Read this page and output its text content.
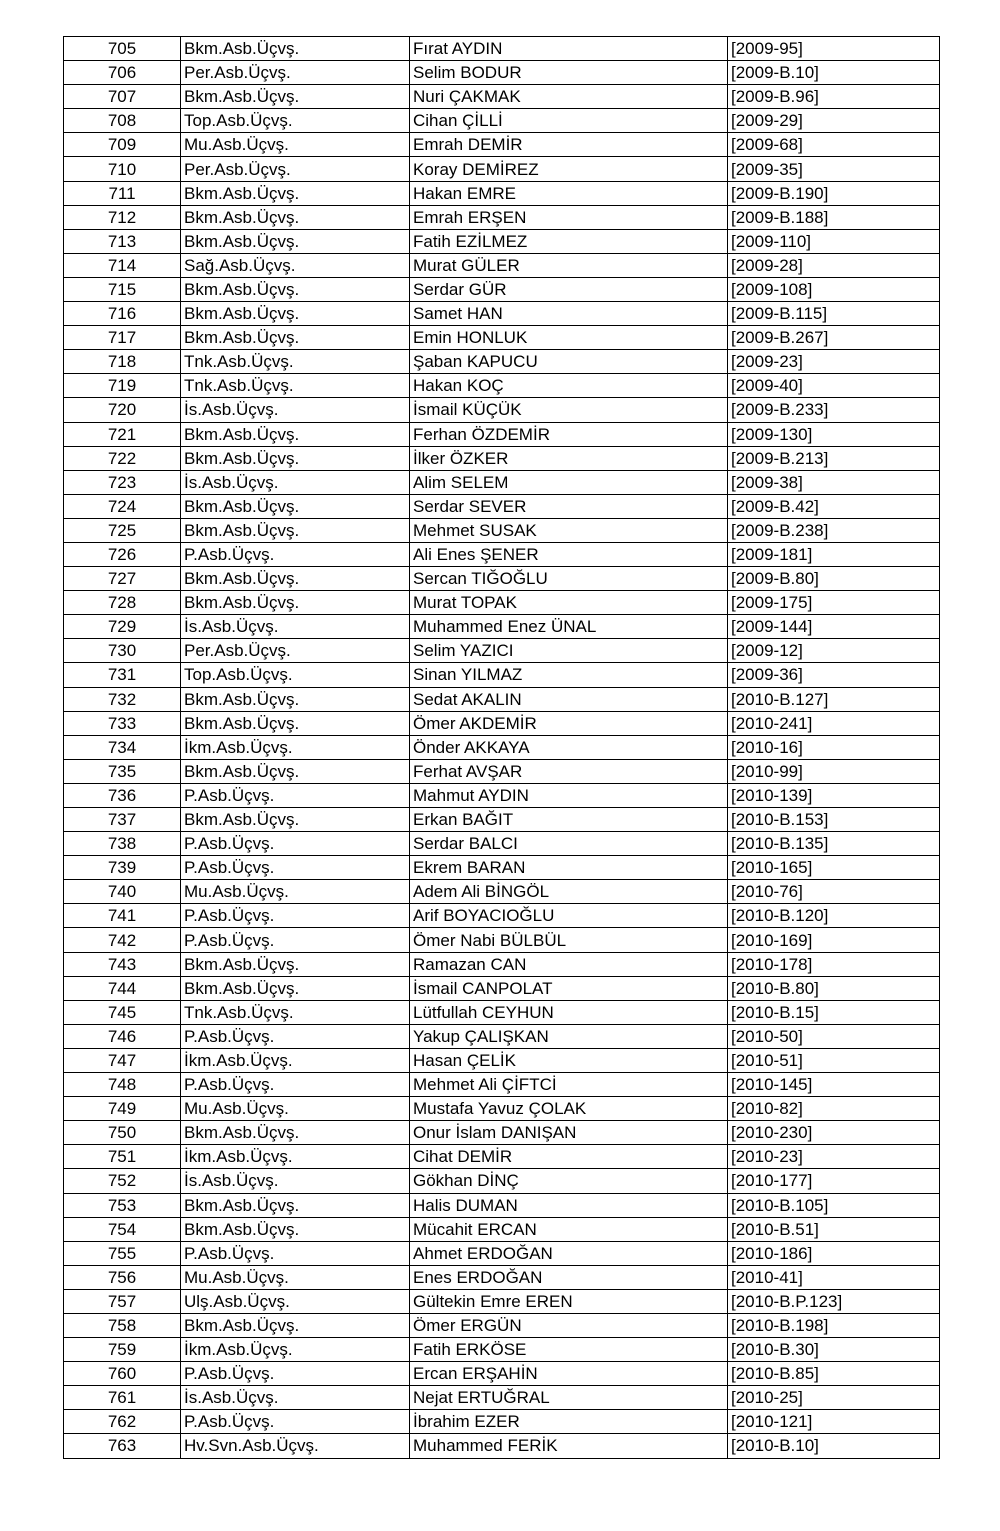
705	Bkm.Asb.Üçvş.	Fırat AYDIN	[2009-95]
706	Per.Asb.Üçvş.	Selim BODUR	[2009-B.10]
707	Bkm.Asb.Üçvş.	Nuri ÇAKMAK	[2009-B.96]
708	Top.Asb.Üçvş.	Cihan ÇİLLİ	[2009-29]
709	Mu.Asb.Üçvş.	Emrah DEMİR	[2009-68]
710	Per.Asb.Üçvş.	Koray DEMİREZ	[2009-35]
711	Bkm.Asb.Üçvş.	Hakan EMRE	[2009-B.190]
712	Bkm.Asb.Üçvş.	Emrah ERŞEN	[2009-B.188]
713	Bkm.Asb.Üçvş.	Fatih EZİLMEZ	[2009-110]
714	Sağ.Asb.Üçvş.	Murat GÜLER	[2009-28]
715	Bkm.Asb.Üçvş.	Serdar GÜR	[2009-108]
716	Bkm.Asb.Üçvş.	Samet HAN	[2009-B.115]
717	Bkm.Asb.Üçvş.	Emin HONLUK	[2009-B.267]
718	Tnk.Asb.Üçvş.	Şaban KAPUCU	[2009-23]
719	Tnk.Asb.Üçvş.	Hakan KOÇ	[2009-40]
720	İs.Asb.Üçvş.	İsmail KÜÇÜK	[2009-B.233]
721	Bkm.Asb.Üçvş.	Ferhan ÖZDEMİR	[2009-130]
722	Bkm.Asb.Üçvş.	İlker ÖZKER	[2009-B.213]
723	İs.Asb.Üçvş.	Alim SELEM	[2009-38]
724	Bkm.Asb.Üçvş.	Serdar SEVER	[2009-B.42]
725	Bkm.Asb.Üçvş.	Mehmet SUSAK	[2009-B.238]
726	P.Asb.Üçvş.	Ali Enes ŞENER	[2009-181]
727	Bkm.Asb.Üçvş.	Sercan TIĞOĞLU	[2009-B.80]
728	Bkm.Asb.Üçvş.	Murat TOPAK	[2009-175]
729	İs.Asb.Üçvş.	Muhammed Enez ÜNAL	[2009-144]
730	Per.Asb.Üçvş.	Selim YAZICI	[2009-12]
731	Top.Asb.Üçvş.	Sinan YILMAZ	[2009-36]
732	Bkm.Asb.Üçvş.	Sedat AKALIN	[2010-B.127]
733	Bkm.Asb.Üçvş.	Ömer AKDEMİR	[2010-241]
734	İkm.Asb.Üçvş.	Önder AKKAYA	[2010-16]
735	Bkm.Asb.Üçvş.	Ferhat AVŞAR	[2010-99]
736	P.Asb.Üçvş.	Mahmut AYDIN	[2010-139]
737	Bkm.Asb.Üçvş.	Erkan BAĞIT	[2010-B.153]
738	P.Asb.Üçvş.	Serdar BALCI	[2010-B.135]
739	P.Asb.Üçvş.	Ekrem BARAN	[2010-165]
740	Mu.Asb.Üçvş.	Adem Ali BİNGÖL	[2010-76]
741	P.Asb.Üçvş.	Arif BOYACIOĞLU	[2010-B.120]
742	P.Asb.Üçvş.	Ömer Nabi BÜLBÜL	[2010-169]
743	Bkm.Asb.Üçvş.	Ramazan CAN	[2010-178]
744	Bkm.Asb.Üçvş.	İsmail CANPOLAT	[2010-B.80]
745	Tnk.Asb.Üçvş.	Lütfullah CEYHUN	[2010-B.15]
746	P.Asb.Üçvş.	Yakup ÇALIŞKAN	[2010-50]
747	İkm.Asb.Üçvş.	Hasan ÇELİK	[2010-51]
748	P.Asb.Üçvş.	Mehmet Ali ÇİFTCİ	[2010-145]
749	Mu.Asb.Üçvş.	Mustafa Yavuz ÇOLAK	[2010-82]
750	Bkm.Asb.Üçvş.	Onur İslam DANIŞAN	[2010-230]
751	İkm.Asb.Üçvş.	Cihat DEMİR	[2010-23]
752	İs.Asb.Üçvş.	Gökhan DİNÇ	[2010-177]
753	Bkm.Asb.Üçvş.	Halis DUMAN	[2010-B.105]
754	Bkm.Asb.Üçvş.	Mücahit ERCAN	[2010-B.51]
755	P.Asb.Üçvş.	Ahmet ERDOĞAN	[2010-186]
756	Mu.Asb.Üçvş.	Enes ERDOĞAN	[2010-41]
757	Ulş.Asb.Üçvş.	Gültekin Emre EREN	[2010-B.P.123]
758	Bkm.Asb.Üçvş.	Ömer ERGÜN	[2010-B.198]
759	İkm.Asb.Üçvş.	Fatih ERKÖSE	[2010-B.30]
760	P.Asb.Üçvş.	Ercan ERŞAHİN	[2010-B.85]
761	İs.Asb.Üçvş.	Nejat ERTUĞRAL	[2010-25]
762	P.Asb.Üçvş.	İbrahim EZER	[2010-121]
763	Hv.Svn.Asb.Üçvş.	Muhammed FERİK	[2010-B.10]
